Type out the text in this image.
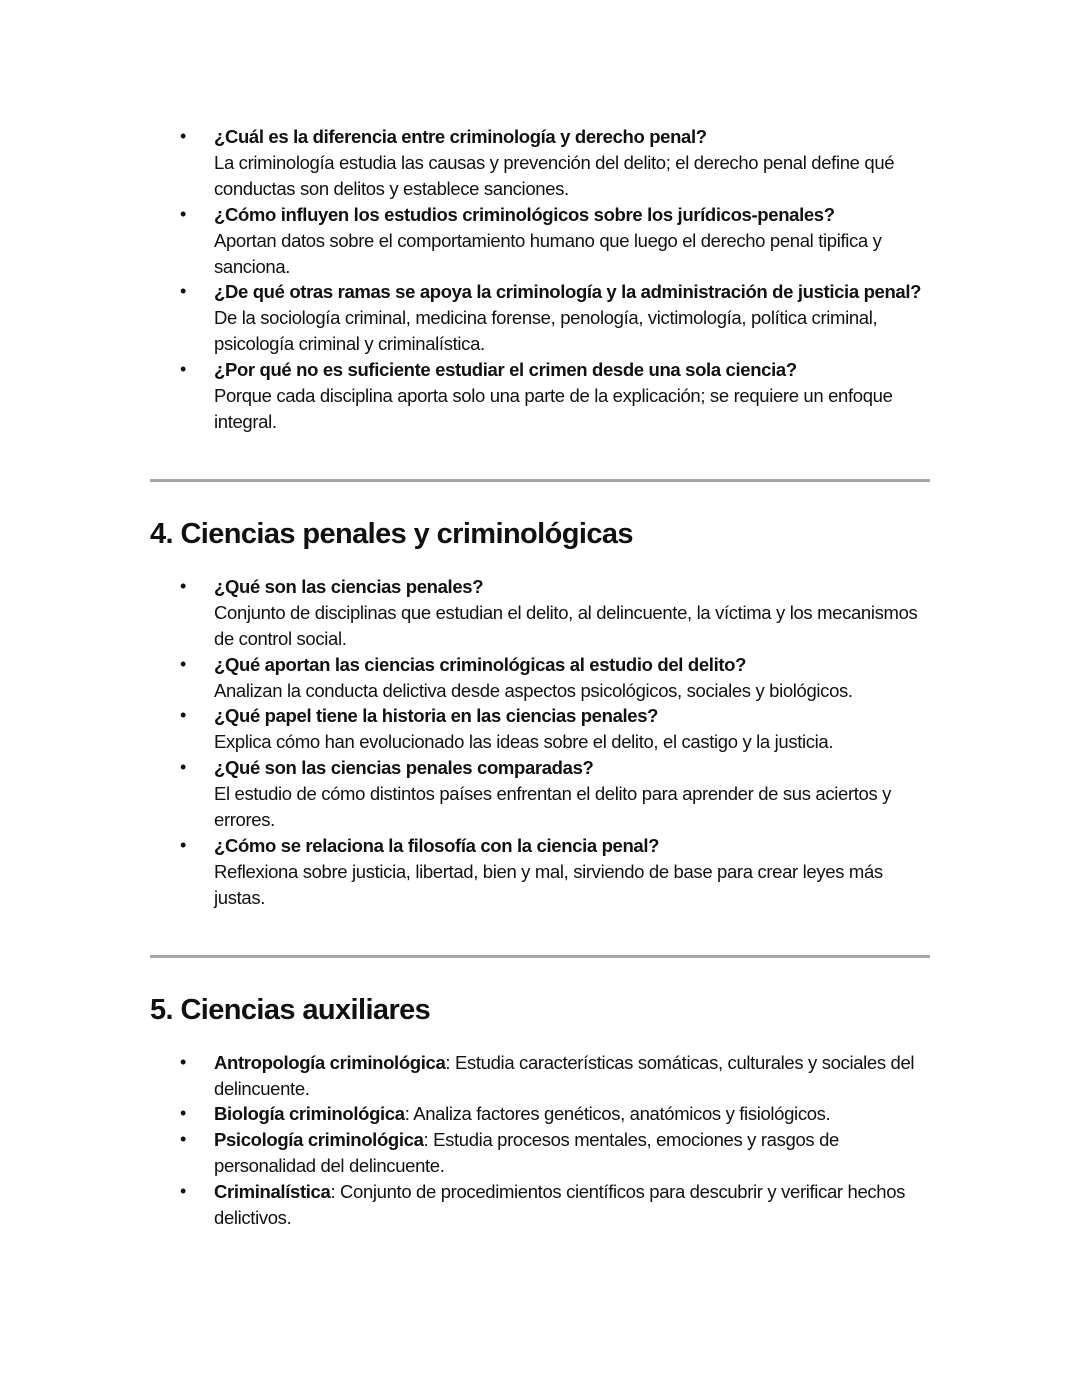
• ¿Cuál es la diferencia entre criminología y derecho penal?
La criminología estudia las causas y prevención del delito; el derecho penal define qué conductas son delitos y establece sanciones.
• ¿Cómo influyen los estudios criminológicos sobre los jurídicos-penales?
Aportan datos sobre el comportamiento humano que luego el derecho penal tipifica y sanciona.
• ¿De qué otras ramas se apoya la criminología y la administración de justicia penal?
De la sociología criminal, medicina forense, penología, victimología, política criminal, psicología criminal y criminalística.
• ¿Por qué no es suficiente estudiar el crimen desde una sola ciencia?
Porque cada disciplina aporta solo una parte de la explicación; se requiere un enfoque integral.
4. Ciencias penales y criminológicas
• ¿Qué son las ciencias penales?
Conjunto de disciplinas que estudian el delito, al delincuente, la víctima y los mecanismos de control social.
• ¿Qué aportan las ciencias criminológicas al estudio del delito?
Analizan la conducta delictiva desde aspectos psicológicos, sociales y biológicos.
• ¿Qué papel tiene la historia en las ciencias penales?
Explica cómo han evolucionado las ideas sobre el delito, el castigo y la justicia.
• ¿Qué son las ciencias penales comparadas?
El estudio de cómo distintos países enfrentan el delito para aprender de sus aciertos y errores.
• ¿Cómo se relaciona la filosofía con la ciencia penal?
Reflexiona sobre justicia, libertad, bien y mal, sirviendo de base para crear leyes más justas.
5. Ciencias auxiliares
• Antropología criminológica: Estudia características somáticas, culturales y sociales del delincuente.
• Biología criminológica: Analiza factores genéticos, anatómicos y fisiológicos.
• Psicología criminológica: Estudia procesos mentales, emociones y rasgos de personalidad del delincuente.
• Criminalística: Conjunto de procedimientos científicos para descubrir y verificar hechos delictivos.
